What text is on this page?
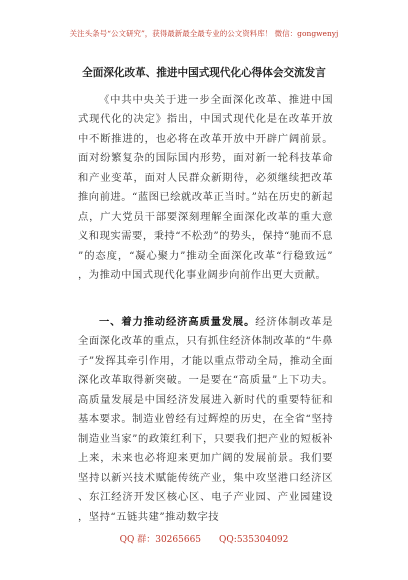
关注头条号“公文研究”，获得最新最全最专业的公文资料库！ 微信：gongwenyj
全面深化改革、推进中国式现代化心得体会交流发言

《中共中央关于进一步全面深化改革、推进中国式现代化的决定》指出，中国式现代化是在改革开放中不断推进的，也必将在改革开放中开辟广阔前景。面对纷繁复杂的国际国内形势，面对新一轮科技革命和产业变革，面对人民群众新期待，必须继续把改革推向前进。“蓝图已绘就改革正当时。”站在历史的新起点，广大党员干部要深刻理解全面深化改革的重大意义和现实需要，秉持“不松劲”的势头，保持“驰而不息”的态度，“凝心聚力”推动全面深化改革“行稳致远”，为推动中国式现代化事业阔步向前作出更大贡献。

一、着力推动经济高质量发展。经济体制改革是全面深化改革的重点，只有抓住经济体制改革的“牛鼻子”发挥其牵引作用，才能以重点带动全局，推动全面深化改革取得新突破。一是要在“高质量”上下功夫。高质量发展是中国经济发展进入新时代的重要特征和基本要求。制造业曾经有过辉煌的历史，在全省“坚持制造业当家”的政策红利下，只要我们把产业的短板补上来，未来也必将迎来更加广阔的发展前景。我们要坚持以新兴技术赋能传统产业，集中攻坚港口经济区、东江经济开发区核心区、电子产业园、产业园建设，坚持“五链共建”推动数字技

QQ 群：30265665 QQ:535304092
